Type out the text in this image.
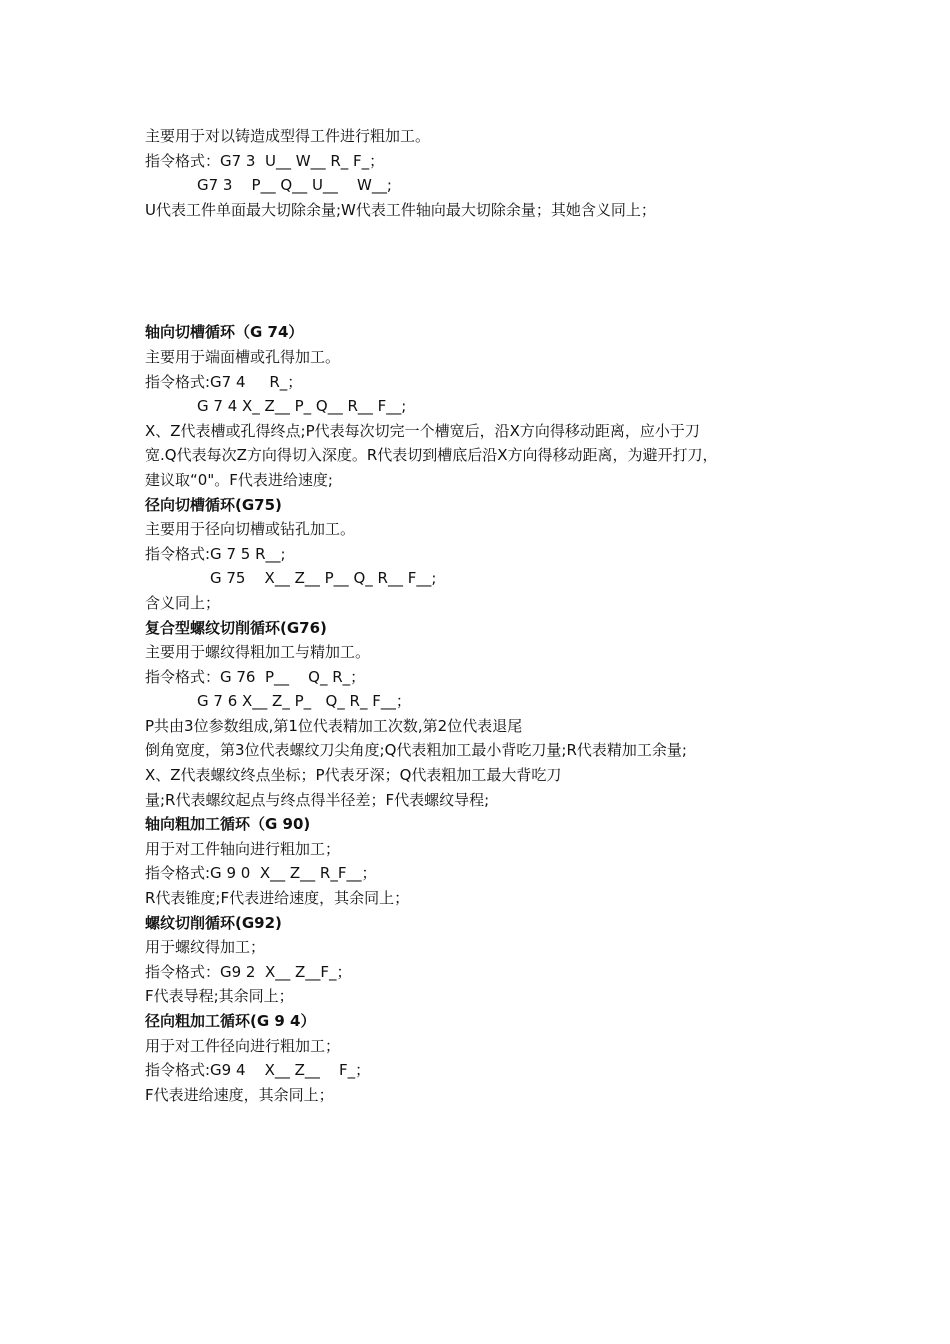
主要用于对以铸造成型得工件进行粗加工。
指令格式：G7 3  U__ W__ R_ F_；
G7 3    P__ Q__ U__    W__;
U代表工件单面最大切除余量;W代表工件轴向最大切除余量；其她含义同上；
轴向切槽循环（G 74）
主要用于端面槽或孔得加工。
指令格式:G7 4     R_；
G 7 4 X_ Z__ P_ Q__ R__ F__;
X、Z代表槽或孔得终点;P代表每次切完一个槽宽后，沿X方向得移动距离，应小于刀
宽.Q代表每次Z方向得切入深度。R代表切到槽底后沿X方向得移动距离，为避开打刀，
建议取“0"。F代表进给速度;
径向切槽循环(G75)
主要用于径向切槽或钻孔加工。
指令格式:G 7 5 R__;
G 75    X__ Z__ P__ Q_ R__ F__;
含义同上；
复合型螺纹切削循环(G76)
主要用于螺纹得粗加工与精加工。
指令格式：G 76  P__    Q_ R_；
G 7 6 X__ Z_ P_   Q_ R_ F__；
P共由3位参数组成,第1位代表精加工次数,第2位代表退尾
倒角宽度，第3位代表螺纹刀尖角度;Q代表粗加工最小背吃刀量;R代表精加工余量;
X、Z代表螺纹终点坐标；P代表牙深；Q代表粗加工最大背吃刀
量;R代表螺纹起点与终点得半径差；F代表螺纹导程;
轴向粗加工循环（G 90)
用于对工件轴向进行粗加工；
指令格式:G 9 0  X__ Z__ R_F__；
R代表锥度;F代表进给速度，其余同上；
螺纹切削循环(G92)
用于螺纹得加工；
指令格式：G9 2  X__ Z__F_；
F代表导程;其余同上；
径向粗加工循环(G 9 4）
用于对工件径向进行粗加工；
指令格式:G9 4    X__ Z__    F_；
F代表进给速度，其余同上；
